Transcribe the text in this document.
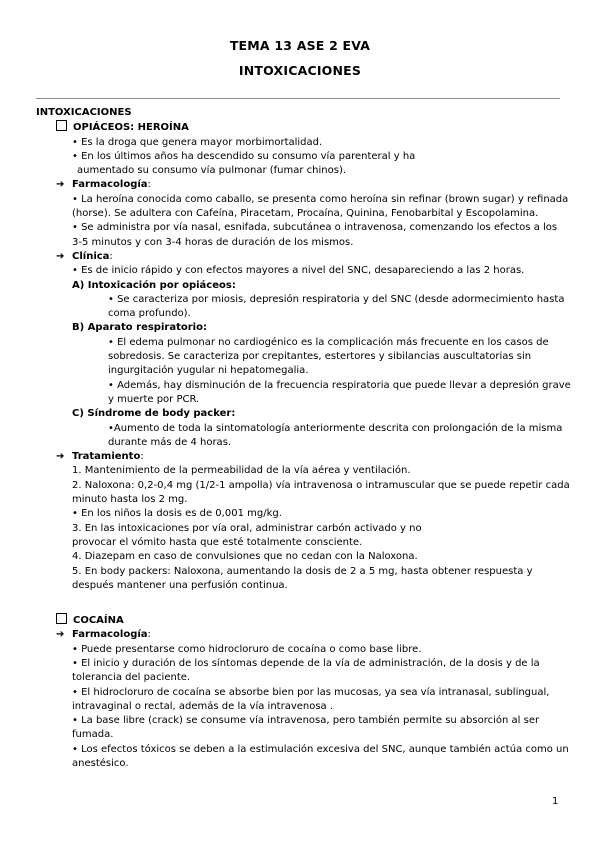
TEMA 13 ASE 2 EVA
INTOXICACIONES

INTOXICACIONES

OPIÁCEOS: HEROÍNA

• Es la droga que genera mayor morbimortalidad.

• En los últimos años ha descendido su consumo vía parenteral y ha

aumentado su consumo vía pulmonar (fumar chinos).

➔ Farmacología:

• La heroína conocida como caballo, se presenta como heroína sin refinar (brown sugar) y refinada

(horse). Se adultera con Cafeína, Piracetam, Procaína, Quinina, Fenobarbital y Escopolamina.

• Se administra por vía nasal, esnifada, subcutánea o intravenosa, comenzando los efectos a los

3-5 minutos y con 3-4 horas de duración de los mismos.

➔ Clínica:

• Es de inicio rápido y con efectos mayores a nivel del SNC, desapareciendo a las 2 horas.

A) Intoxicación por opiáceos:

• Se caracteriza por miosis, depresión respiratoria y del SNC (desde adormecimiento hasta

coma profundo).

B) Aparato respiratorio:

• El edema pulmonar no cardiogénico es la complicación más frecuente en los casos de

sobredosis. Se caracteriza por crepitantes, estertores y sibilancias auscultatorias sin

ingurgitación yugular ni hepatomegalia.

• Además, hay disminución de la frecuencia respiratoria que puede llevar a depresión grave

y muerte por PCR.

C) Síndrome de body packer:

•Aumento de toda la sintomatología anteriormente descrita con prolongación de la misma

durante más de 4 horas.

➔ Tratamiento:

1. Mantenimiento de la permeabilidad de la vía aérea y ventilación.

2. Naloxona: 0,2-0,4 mg (1/2-1 ampolla) vía intravenosa o intramuscular que se puede repetir cada

minuto hasta los 2 mg.

• En los niños la dosis es de 0,001 mg/kg.

3. En las intoxicaciones por vía oral, administrar carbón activado y no

provocar el vómito hasta que esté totalmente consciente.

4. Diazepam en caso de convulsiones que no cedan con la Naloxona.

5. En body packers: Naloxona, aumentando la dosis de 2 a 5 mg, hasta obtener respuesta y

después mantener una perfusión continua.

COCAÍNA

➔ Farmacología:

• Puede presentarse como hidrocloruro de cocaína o como base libre.

• El inicio y duración de los síntomas depende de la vía de administración, de la dosis y de la

tolerancia del paciente.

• El hidrocloruro de cocaína se absorbe bien por las mucosas, ya sea vía intranasal, sublingual,

intravaginal o rectal, además de la vía intravenosa .

• La base libre (crack) se consume vía intravenosa, pero también permite su absorción al ser

fumada.

• Los efectos tóxicos se deben a la estimulación excesiva del SNC, aunque también actúa como un

anestésico.

1
